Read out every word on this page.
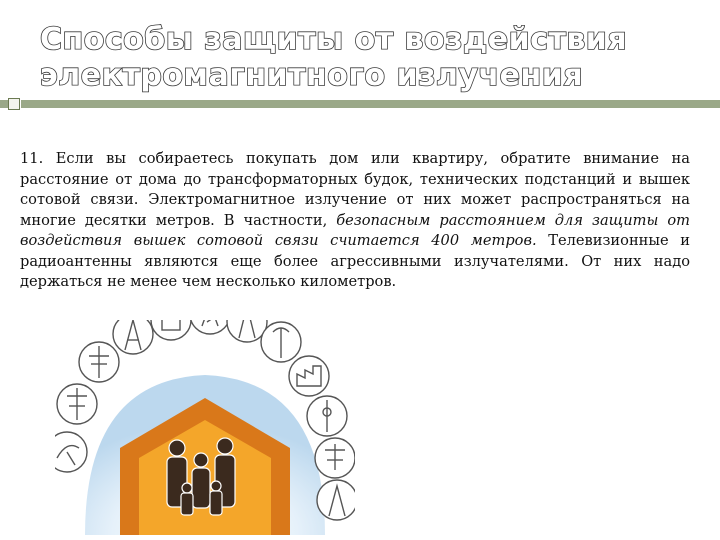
Способы защиты от воздействия
электромагнитного излучения

11. Если вы собираетесь покупать дом или квартиру, обратите внимание на расстояние от дома до трансформаторных будок, технических подстанций и вышек сотовой связи. Электромагнитное излучение от них может распространяться на многие десятки метров. В частности, безопасным расстоянием для защиты от воздействия вышек сотовой связи считается 400 метров. Телевизионные и радиоантенны являются еще более агрессивными излучателями. От них надо держаться не менее чем несколько километров.
